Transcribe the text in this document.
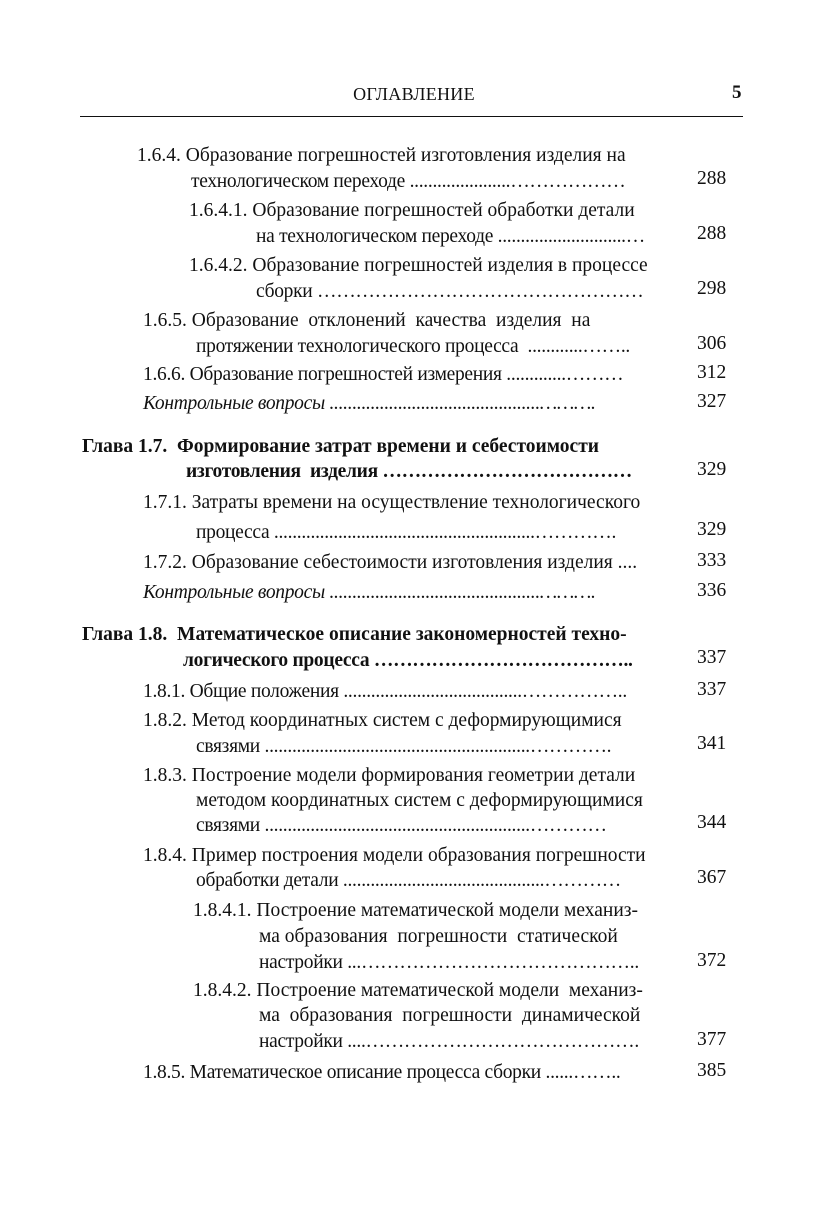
ОГЛАВЛЕНИЕ	5
1.6.4. Образование погрешностей изготовления изделия на
технологическом переходе ......................………………	288
1.6.4.1. Образование погрешностей обработки детали
на технологическом переходе ............................…	288
1.6.4.2. Образование погрешностей изделия в процессе
сборки ……………………………………………	298
1.6.5. Образование  отклонений  качества  изделия  на
протяжении технологического процесса  ............……..	306
1.6.6. Образование погрешностей измерения .............………	312
Контрольные вопросы ..............................................……….	327
Глава 1.7.  Формирование затрат времени и себестоимости
изготовления  изделия …………………………………	329
1.7.1. Затраты времени на осуществление технологического
процесса .........................................................………….	329
1.7.2. Образование себестоимости изготовления изделия ....	333
Контрольные вопросы ..............................................……….	336
Глава 1.8.  Математическое описание закономерностей техно-
логического процесса …………………………………..	337
1.8.1. Общие положения .......................................……………..	337
1.8.2. Метод координатных систем с деформирующимися
связями ..........................................................………….	341
1.8.3. Построение модели формирования геометрии детали
методом координатных систем с деформирующимися
связями ..........................................................…………	344
1.8.4. Пример построения модели образования погрешности
обработки детали ............................................…………	367
1.8.4.1. Построение математической модели механиз-
ма образования  погрешности  статической
настройки ...……………………………………..	372
1.8.4.2. Построение математической модели  механиз-
ма  образования  погрешности  динамической
настройки ....…………………………………….	377
1.8.5. Математическое описание процесса сборки ......……..	385
